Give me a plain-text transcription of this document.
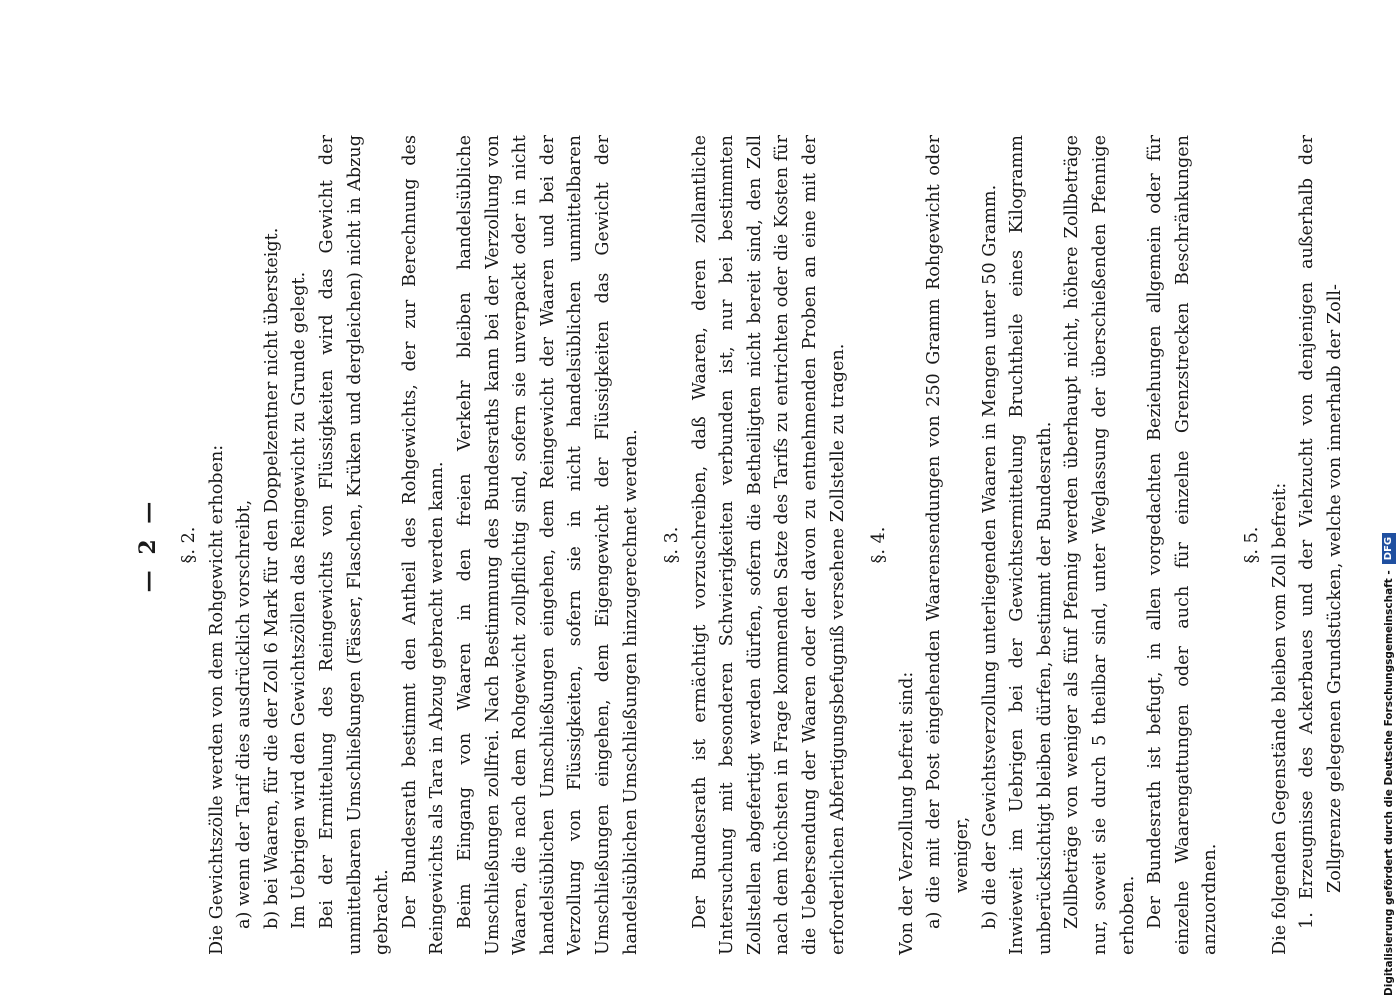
— 2 —	§. 2. Die Gewichtszölle werden von dem Rohgewicht erhoben: a) wenn der Tarif dies ausdrücklich vorschreibt, b) bei Waaren, für die der Zoll 6 Mark für den Doppelzentner nicht übersteigt. Im Uebrigen wird den Gewichtszöllen das Reingewicht zu Grunde gelegt. Bei der Ermittelung des Reingewichts von Flüssigkeiten wird das Gewicht der unmittelbaren Umschließungen (Fässer, Flaschen, Krüken und dergleichen) nicht in Abzug gebracht. Der Bundesrath bestimmt den Antheil des Rohgewichts, der zur Berechnung des Reingewichts als Tara in Abzug gebracht werden kann. Beim Eingang von Waaren in den freien Verkehr bleiben handelsübliche Umschließungen zollfrei. Nach Bestimmung des Bundesraths kann bei der Verzollung von Waaren, die nach dem Rohgewicht zollpflichtig sind, sofern sie unverpackt oder in nicht handelsüblichen Umschließungen eingehen, dem Reingewicht der Waaren und bei der Verzollung von Flüssigkeiten, sofern sie in nicht handelsüblichen unmittelbaren Umschließungen eingehen, dem Eigengewicht der Flüssigkeiten das Gewicht der handelsüblichen Umschließungen hinzugerechnet werden. §. 3. Der Bundesrath ist ermächtigt vorzuschreiben, daß Waaren, deren zollamtliche Untersuchung mit besonderen Schwierigkeiten verbunden ist, nur bei bestimmten Zollstellen abgefertigt werden dürfen, sofern die Betheiligten nicht bereit sind, den Zoll nach dem höchsten in Frage kommenden Satze des Tarifs zu entrichten oder die Kosten für die Uebersendung der Waaren oder der davon zu entnehmenden Proben an eine mit der erforderlichen Abfertigungsbefugniß versehene Zollstelle zu tragen. §. 4.

Von der Verzollung befreit sind: a) die mit der Post eingehenden Waarensendungen von 250 Gramm Rohgewicht oder weniger, b) die der Gewichtsverzollung unterliegenden Waaren in Mengen unter 50 Gramm. Inwieweit im Uebrigen bei der Gewichtsermittelung Bruchtheile eines Kilogramm unberücksichtigt bleiben dürfen, bestimmt der Bundesrath. Zollbeträge von weniger als fünf Pfennig werden überhaupt nicht, höhere Zollbeträge nur, soweit sie durch 5 theilbar sind, unter Weglassung der überschießenden Pfennige erhoben. Der Bundesrath ist befugt, in allen vorgedachten Beziehungen allgemein oder für einzelne Waarengattungen oder auch für einzelne Grenzstrecken Beschränkungen anzuordnen.

§. 5. Die folgenden Gegenstände bleiben vom Zoll befreit: 1. Erzeugnisse des Ackerbaues und der Viehzucht von denjenigen außerhalb der Zollgrenze gelegenen Grundstücken, welche von innerhalb der Zoll-	Digitalisierung gefördert durch die Deutsche Forschungsgemeinschaft -
DFG
